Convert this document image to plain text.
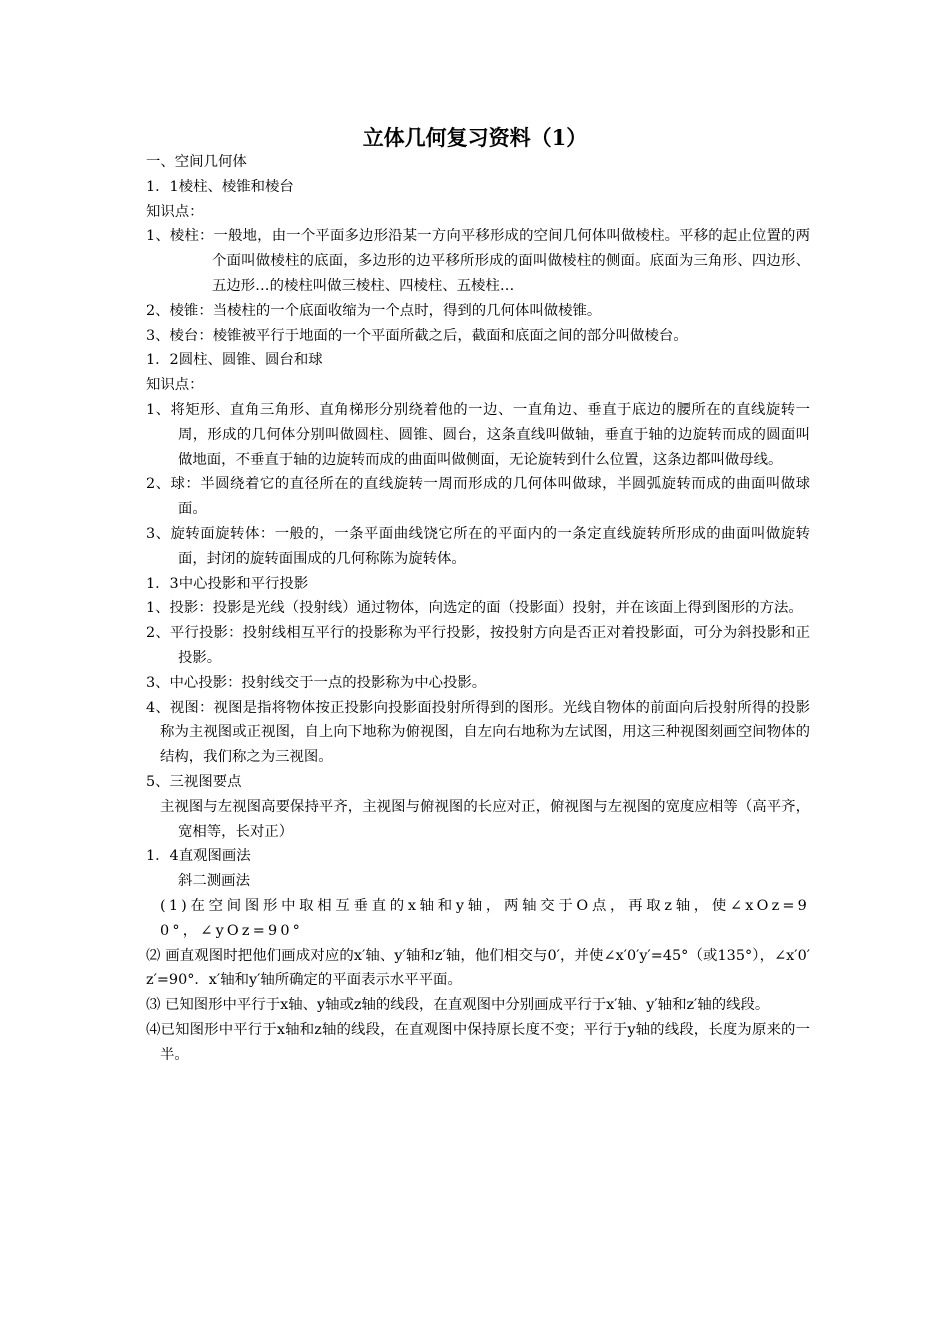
立体几何复习资料（1）

一、空间几何体

1．1棱柱、棱锥和棱台

知识点：

1、棱柱：一般地，由一个平面多边形沿某一方向平移形成的空间几何体叫做棱柱。平移的起止位置的两个面叫做棱柱的底面，多边形的边平移所形成的面叫做棱柱的侧面。底面为三角形、四边形、五边形…的棱柱叫做三棱柱、四棱柱、五棱柱…

2、棱锥：当棱柱的一个底面收缩为一个点时，得到的几何体叫做棱锥。

3、棱台：棱锥被平行于地面的一个平面所截之后，截面和底面之间的部分叫做棱台。

1．2圆柱、圆锥、圆台和球

知识点：

1、将矩形、直角三角形、直角梯形分别绕着他的一边、一直角边、垂直于底边的腰所在的直线旋转一周，形成的几何体分别叫做圆柱、圆锥、圆台，这条直线叫做轴，垂直于轴的边旋转而成的圆面叫做地面，不垂直于轴的边旋转而成的曲面叫做侧面，无论旋转到什么位置，这条边都叫做母线。

2、球：半圆绕着它的直径所在的直线旋转一周而形成的几何体叫做球，半圆弧旋转而成的曲面叫做球面。

3、旋转面旋转体：一般的，一条平面曲线饶它所在的平面内的一条定直线旋转所形成的曲面叫做旋转面，封闭的旋转面围成的几何称陈为旋转体。

1．3中心投影和平行投影

1、投影：投影是光线（投射线）通过物体，向选定的面（投影面）投射，并在该面上得到图形的方法。

2、平行投影：投射线相互平行的投影称为平行投影，按投射方向是否正对着投影面，可分为斜投影和正投影。

3、中心投影：投射线交于一点的投影称为中心投影。

4、视图：视图是指将物体按正投影向投影面投射所得到的图形。光线自物体的前面向后投射所得的投影称为主视图或正视图，自上向下地称为俯视图，自左向右地称为左试图，用这三种视图刻画空间物体的结构，我们称之为三视图。

5、三视图要点

主视图与左视图高要保持平齐，主视图与俯视图的长应对正，俯视图与左视图的宽度应相等（高平齐，宽相等，长对正）

1．4直观图画法

斜二测画法

(1)在空间图形中取相互垂直的x轴和y轴，两轴交于O点，再取z轴，使∠xOz=90°，∠yOz=90°

⑵ 画直观图时把他们画成对应的x′轴、y′轴和z′轴，他们相交与0′，并使∠x′0′y′=45°（或135°），∠x′0′z′=90°．x′轴和y′轴所确定的平面表示水平平面。

⑶ 已知图形中平行于x轴、y轴或z轴的线段，在直观图中分别画成平行于x′轴、y′轴和z′轴的线段。

⑷已知图形中平行于x轴和z轴的线段，在直观图中保持原长度不变；平行于y轴的线段，长度为原来的一半。
